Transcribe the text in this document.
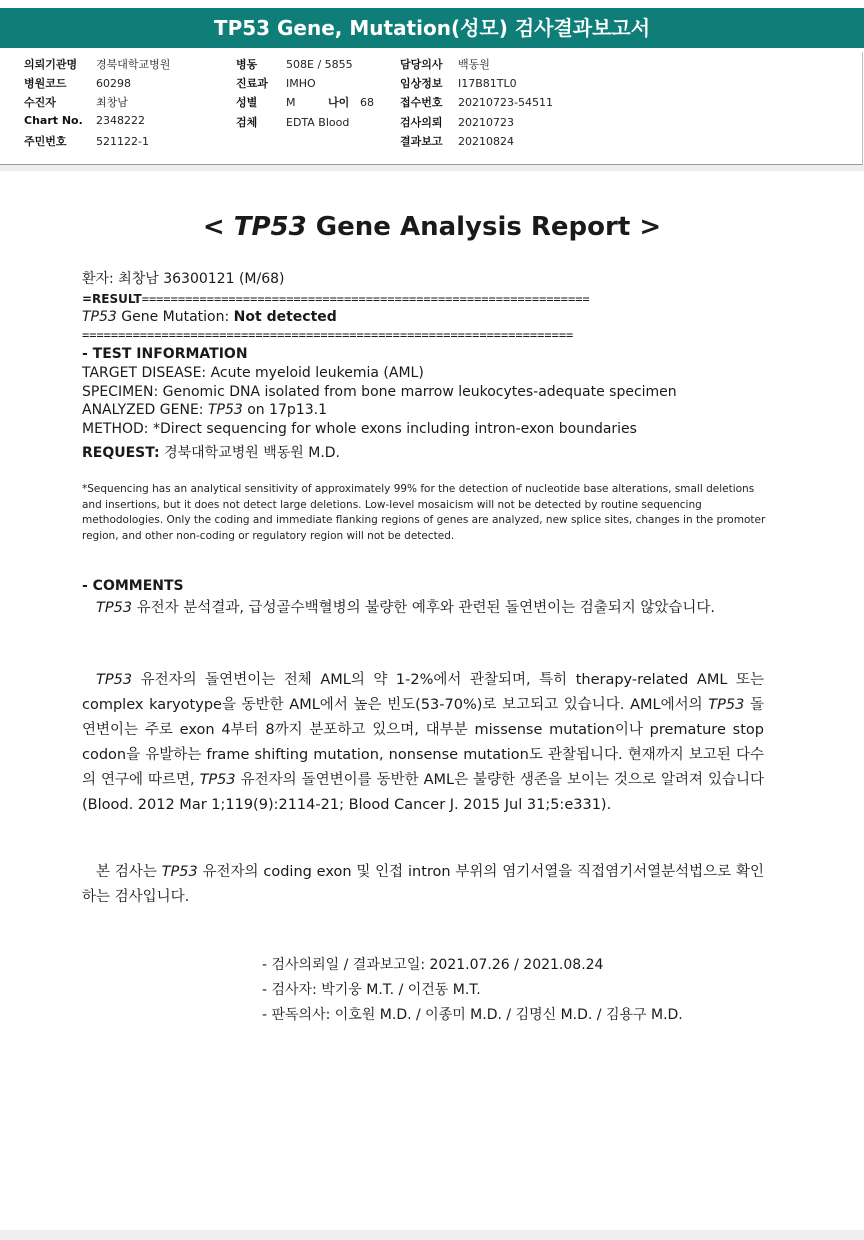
TP53 Gene, Mutation(성모) 검사결과보고서
의뢰기관명 경북대학교병원
병원코드	60298
수진자	최창남
Chart No. 2348222
주민번호	521122-1
병동	508E / 5855
진료과 IMHO
성별	M	나이 68
검체	EDTA Blood
담당의사 백동원
임상정보 I17B81TL0
접수번호 20210723-54511
검사의뢰 20210723
결과보고 20210824
< TP53 Gene Analysis Report >
환자: 최창남 36300121 (M/68)
=RESULT==============================================================
TP53 Gene Mutation: Not detected
====================================================================
- TEST INFORMATION
TARGET DISEASE: Acute myeloid leukemia (AML)
SPECIMEN: Genomic DNA isolated from bone marrow leukocytes-adequate specimen
ANALYZED GENE: TP53 on 17p13.1
METHOD: *Direct sequencing for whole exons including intron-exon boundaries
REQUEST: 경북대학교병원 백동원 M.D.
*Sequencing has an analytical sensitivity of approximately 99% for the detection of nucleotide base alterations, small deletions and insertions, but it does not detect large deletions. Low-level mosaicism will not be detected by routine sequencing methodologies. Only the coding and immediate flanking regions of genes are analyzed, new splice sites, changes in the promoter region, and other non-coding or regulatory region will not be detected.
- COMMENTS
TP53 유전자 분석결과, 급성골수백혈병의 불량한 예후와 관련된 돌연변이는 검출되지 않았습니다.
TP53 유전자의 돌연변이는 전체 AML의 약 1-2%에서 관찰되며, 특히 therapy-related AML 또는 complex karyotype을 동반한 AML에서 높은 빈도(53-70%)로 보고되고 있습니다. AML에서의 TP53 돌연변이는 주로 exon 4부터 8까지 분포하고 있으며, 대부분 missense mutation이나 premature stop codon을 유발하는 frame shifting mutation, nonsense mutation도 관찰됩니다. 현재까지 보고된 다수의 연구에 따르면, TP53 유전자의 돌연변이를 동반한 AML은 불량한 생존을 보이는 것으로 알려져 있습니다(Blood. 2012 Mar 1;119(9):2114-21; Blood Cancer J. 2015 Jul 31;5:e331).
본 검사는 TP53 유전자의 coding exon 및 인접 intron 부위의 염기서열을 직접염기서열분석법으로 확인하는 검사입니다.
- 검사의뢰일 / 결과보고일: 2021.07.26 / 2021.08.24
- 검사자: 박기웅 M.T. / 이건동 M.T.
- 판독의사: 이호원 M.D. / 이종미 M.D. / 김명신 M.D. / 김용구 M.D.
